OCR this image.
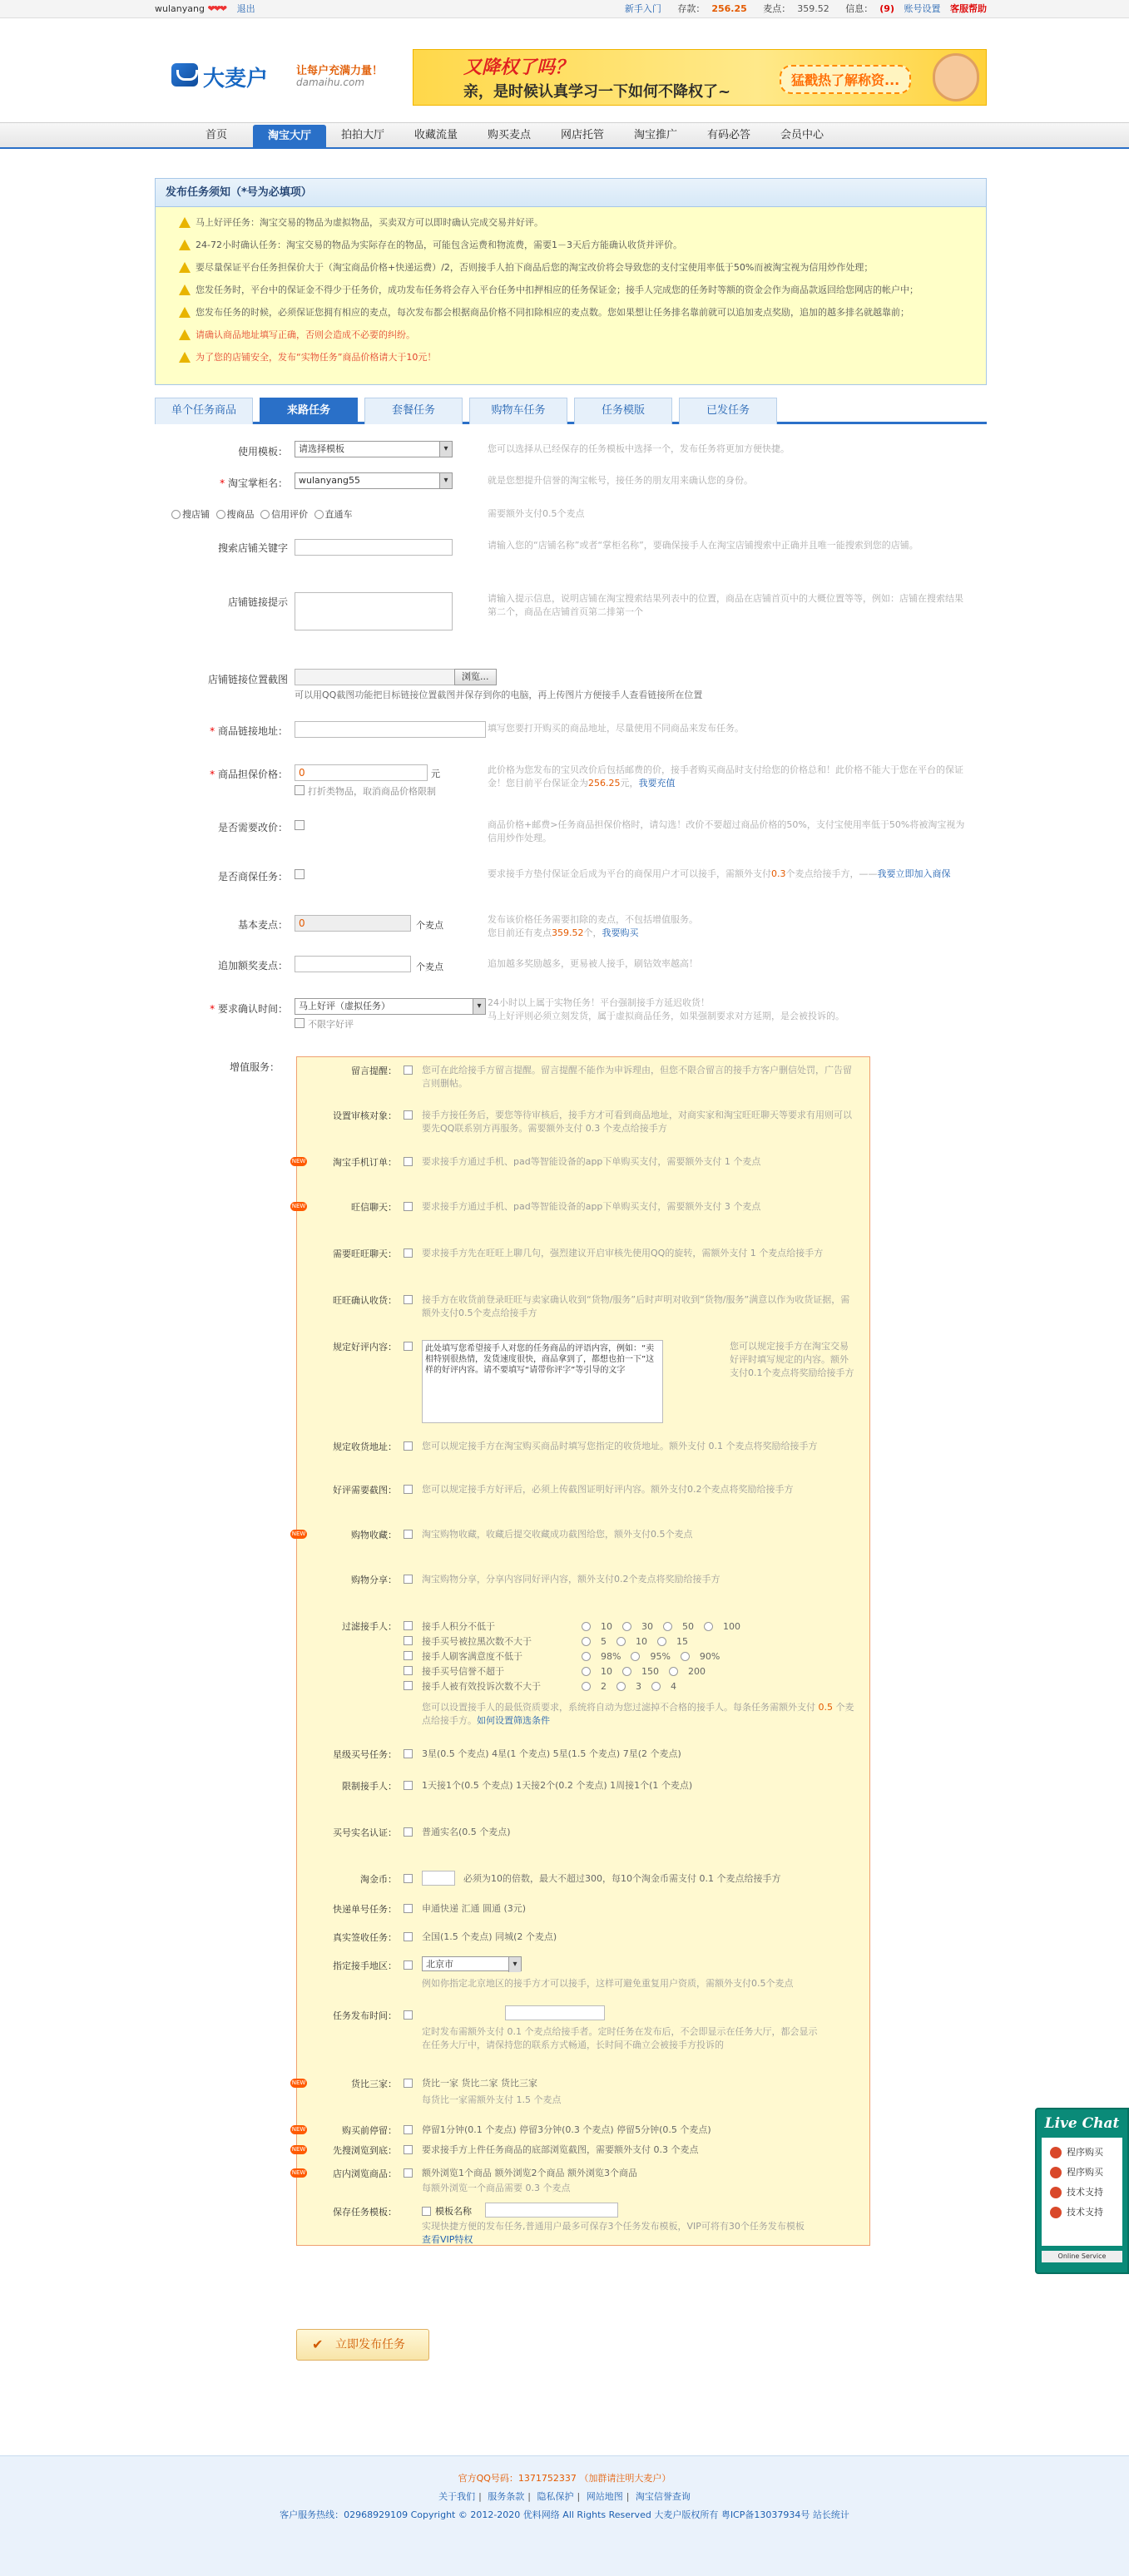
wulanyang ❤❤❤ 退出	新手入门 存款： 256.25 麦点： 359.52 信息： (9) 账号设置 客服帮助
大麦户	让每户充满力量！
damaihu.com
又降权了吗？
亲，是时候认真学习一下如何不降权了~
猛戳热了解称资...
首页	淘宝大厅	拍拍大厅	收藏流量	购买麦点	网店托管	淘宝推广	有码必答	会员中心
发布任务须知（*号为必填项）
马上好评任务：淘宝交易的物品为虚拟物品，买卖双方可以即时确认完成交易并好评。
24-72小时确认任务：淘宝交易的物品为实际存在的物品，可能包含运费和物流费，需要1－3天后方能确认收货并评价。
要尽量保证平台任务担保价大于（淘宝商品价格+快递运费）/2，否则接手人拍下商品后您的淘宝改价将会导致您的支付宝使用率低于50%而被淘宝视为信用炒作处理；
您发任务时，平台中的保证金不得少于任务价，成功发布任务将会存入平台任务中扣押相应的任务保证金；接手人完成您的任务时等额的资金会作为商品款返回给您网店的帐户中；
您发布任务的时候，必须保证您拥有相应的麦点，每次发布都会根据商品价格不同扣除相应的麦点数。您如果想让任务排名靠前就可以追加麦点奖励，追加的越多排名就越靠前；
请确认商品地址填写正确，否则会造成不必要的纠纷。
为了您的店铺安全，发布“实物任务”商品价格请大于10元！
单个任务商品	来路任务	套餐任务	购物车任务	任务模版	已发任务
使用模板：	请选择模板 ▾	您可以选择从已经保存的任务模板中选择一个，发布任务将更加方便快捷。
* 淘宝掌柜名：	wulanyang55 ▾	就是您想提升信誉的淘宝帐号，接任务的朋友用来确认您的身份。
搜店铺 搜商品 信用评价 直通车	需要额外支付0.5个麦点
搜索店铺关键字	请输入您的“店铺名称”或者“掌柜名称”，要确保接手人在淘宝店铺搜索中正确并且唯一能搜索到您的店铺。
店铺链接提示	请输入提示信息，说明店铺在淘宝搜索结果列表中的位置，商品在店铺首页中的大概位置等等，例如：店铺在搜索结果第二个，商品在店铺首页第二排第一个
店铺链接位置截图	浏览...
可以用QQ截图功能把目标链接位置截图并保存到你的电脑，再上传图片方便接手人查看链接所在位置
* 商品链接地址：	填写您要打开购买的商品地址，尽量使用不同商品来发布任务。
* 商品担保价格：	0	元
打折类物品，取消商品价格限制
此价格为您发布的宝贝改价后包括邮费的价，接手者购买商品时支付给您的价格总和！此价格不能大于您在平台的保证金！您目前平台保证金为256.25元，我要充值
是否需要改价：	商品价格+邮费>任务商品担保价格时，请勾选！改价不要超过商品价格的50%，支付宝使用率低于50%将被淘宝视为信用炒作处理。
是否商保任务：	要求接手方垫付保证金后成为平台的商保用户才可以接手，需额外支付0.3个麦点给接手方，——我要立即加入商保
基本麦点：	0	个麦点
发布该价格任务需要扣除的麦点，不包括增值服务。
您目前还有麦点359.52个，我要购买
追加额奖麦点：	个麦点	追加越多奖励越多，更易被人接手，刷钻效率越高！
* 要求确认时间：	马上好评（虚拟任务） ▾
不限字好评
24小时以上属于实物任务！平台强制接手方延迟收货！
马上好评则必须立刻发货，属于虚拟商品任务，如果强制要求对方延期，是会被投诉的。
增值服务：	留言提醒：	您可在此给接手方留言提醒。留言提醒不能作为申诉理由，但您不限合留言的接手方客户删信处罚，广告留言则删帖。
设置审核对象：	接手方接任务后，要您等待审核后，接手方才可看到商品地址，对商实家和淘宝旺旺聊天等要求有用则可以要先QQ联系别方再服务。需要额外支付 0.3 个麦点给接手方
NEW	淘宝手机订单：	要求接手方通过手机、pad等智能设备的app下单购买支付，需要额外支付 1 个麦点
NEW	旺信聊天：	要求接手方通过手机、pad等智能设备的app下单购买支付，需要额外支付 3 个麦点
需要旺旺聊天：	要求接手方先在旺旺上聊几句，强烈建议开启审核先使用QQ的旋转，需额外支付 1 个麦点给接手方
旺旺确认收货：	接手方在收货前登录旺旺与卖家确认收到“货物/服务”后时声明对收到“货物/服务”满意以作为收货证据，需额外支付0.5个麦点给接手方
规定好评内容：	此处填写您希望接手人对您的任务商品的评语内容，例如：“卖相特别很热情，发货速度很快，商品拿到了，都想也拍一下”这样的好评内容。请不要填写“请带你评字”等引导的文字
您可以规定接手方在淘宝交易好评时填写规定的内容。额外支付0.1个麦点将奖励给接手方
规定收货地址：	您可以规定接手方在淘宝购买商品时填写您指定的收货地址。额外支付 0.1 个麦点将奖励给接手方
好评需要截图：	您可以规定接手方好评后，必须上传截图证明好评内容。额外支付0.2个麦点将奖励给接手方
NEW	购物收藏：	淘宝购物收藏，收藏后提交收藏成功截图给您，额外支付0.5个麦点
购物分享：	淘宝购物分享，分享内容同好评内容，额外支付0.2个麦点将奖励给接手方
过滤接手人：	接手人积分不低于	10	30	50	100
接手买号被拉黑次数不大于	5	10	15
接手人刷客满意度不低于	98%	95%	90%
接手买号信誉不超于	10	150	200
接手人被有效投诉次数不大于	2	3	4
您可以设置接手人的最低资质要求，系统将自动为您过滤掉不合格的接手人。每条任务需额外支付 0.5 个麦点给接手方。如何设置筛选条件
星级买号任务：	3星(0.5 个麦点) 4星(1 个麦点) 5星(1.5 个麦点) 7星(2 个麦点)
限制接手人：	1天接1个(0.5 个麦点) 1天接2个(0.2 个麦点) 1周接1个(1 个麦点)
买号实名认证：	普通实名(0.5 个麦点)
淘金币：	必须为10的倍数，最大不超过300，每10个淘金币需支付 0.1 个麦点给接手方
快递单号任务：	申通快递 汇通 圆通 (3元)
真实签收任务：	全国(1.5 个麦点) 同城(2 个麦点)
指定接手地区：	北京市 ▾
例如你指定北京地区的接手方才可以接手，这样可避免重复用户资质，需额外支付0.5个麦点
任务发布时间：
定时发布需额外支付 0.1 个麦点给接手者。定时任务在发布后，不会即显示在任务大厅，都会显示在任务大厅中，请保持您的联系方式畅通，长时间不确立会被接手方投诉的
NEW	货比三家：	货比一家 货比二家 货比三家
每货比一家需额外支付 1.5 个麦点
NEW	购买前停留：	停留1分钟(0.1 个麦点) 停留3分钟(0.3 个麦点) 停留5分钟(0.5 个麦点)
NEW	先搜浏览到底：	要求接手方上件任务商品的底部浏览截图，需要额外支付 0.3 个麦点
NEW	店内浏览商品：	额外浏览1个商品 额外浏览2个商品 额外浏览3个商品
每额外浏览一个商品需要 0.3 个麦点
保存任务模板：	模板名称
实现快捷方便的发布任务,普通用户最多可保存3个任务发布模板，VIP可将有30个任务发布模板
查看VIP特权
✔ 立即发布任务
官方QQ号码：1371752337 （加群请注明大麦户）
关于我们 | 服务条款 | 隐私保护 | 网站地图 | 淘宝信誉查询
客户服务热线：02968929109 Copyright © 2012-2020 优料网络 All Rights Reserved 大麦户版权所有 粤ICP备13037934号 站长统计
Live Chat
程序购买
程序购买
技术支持
技术支持
Online Service
